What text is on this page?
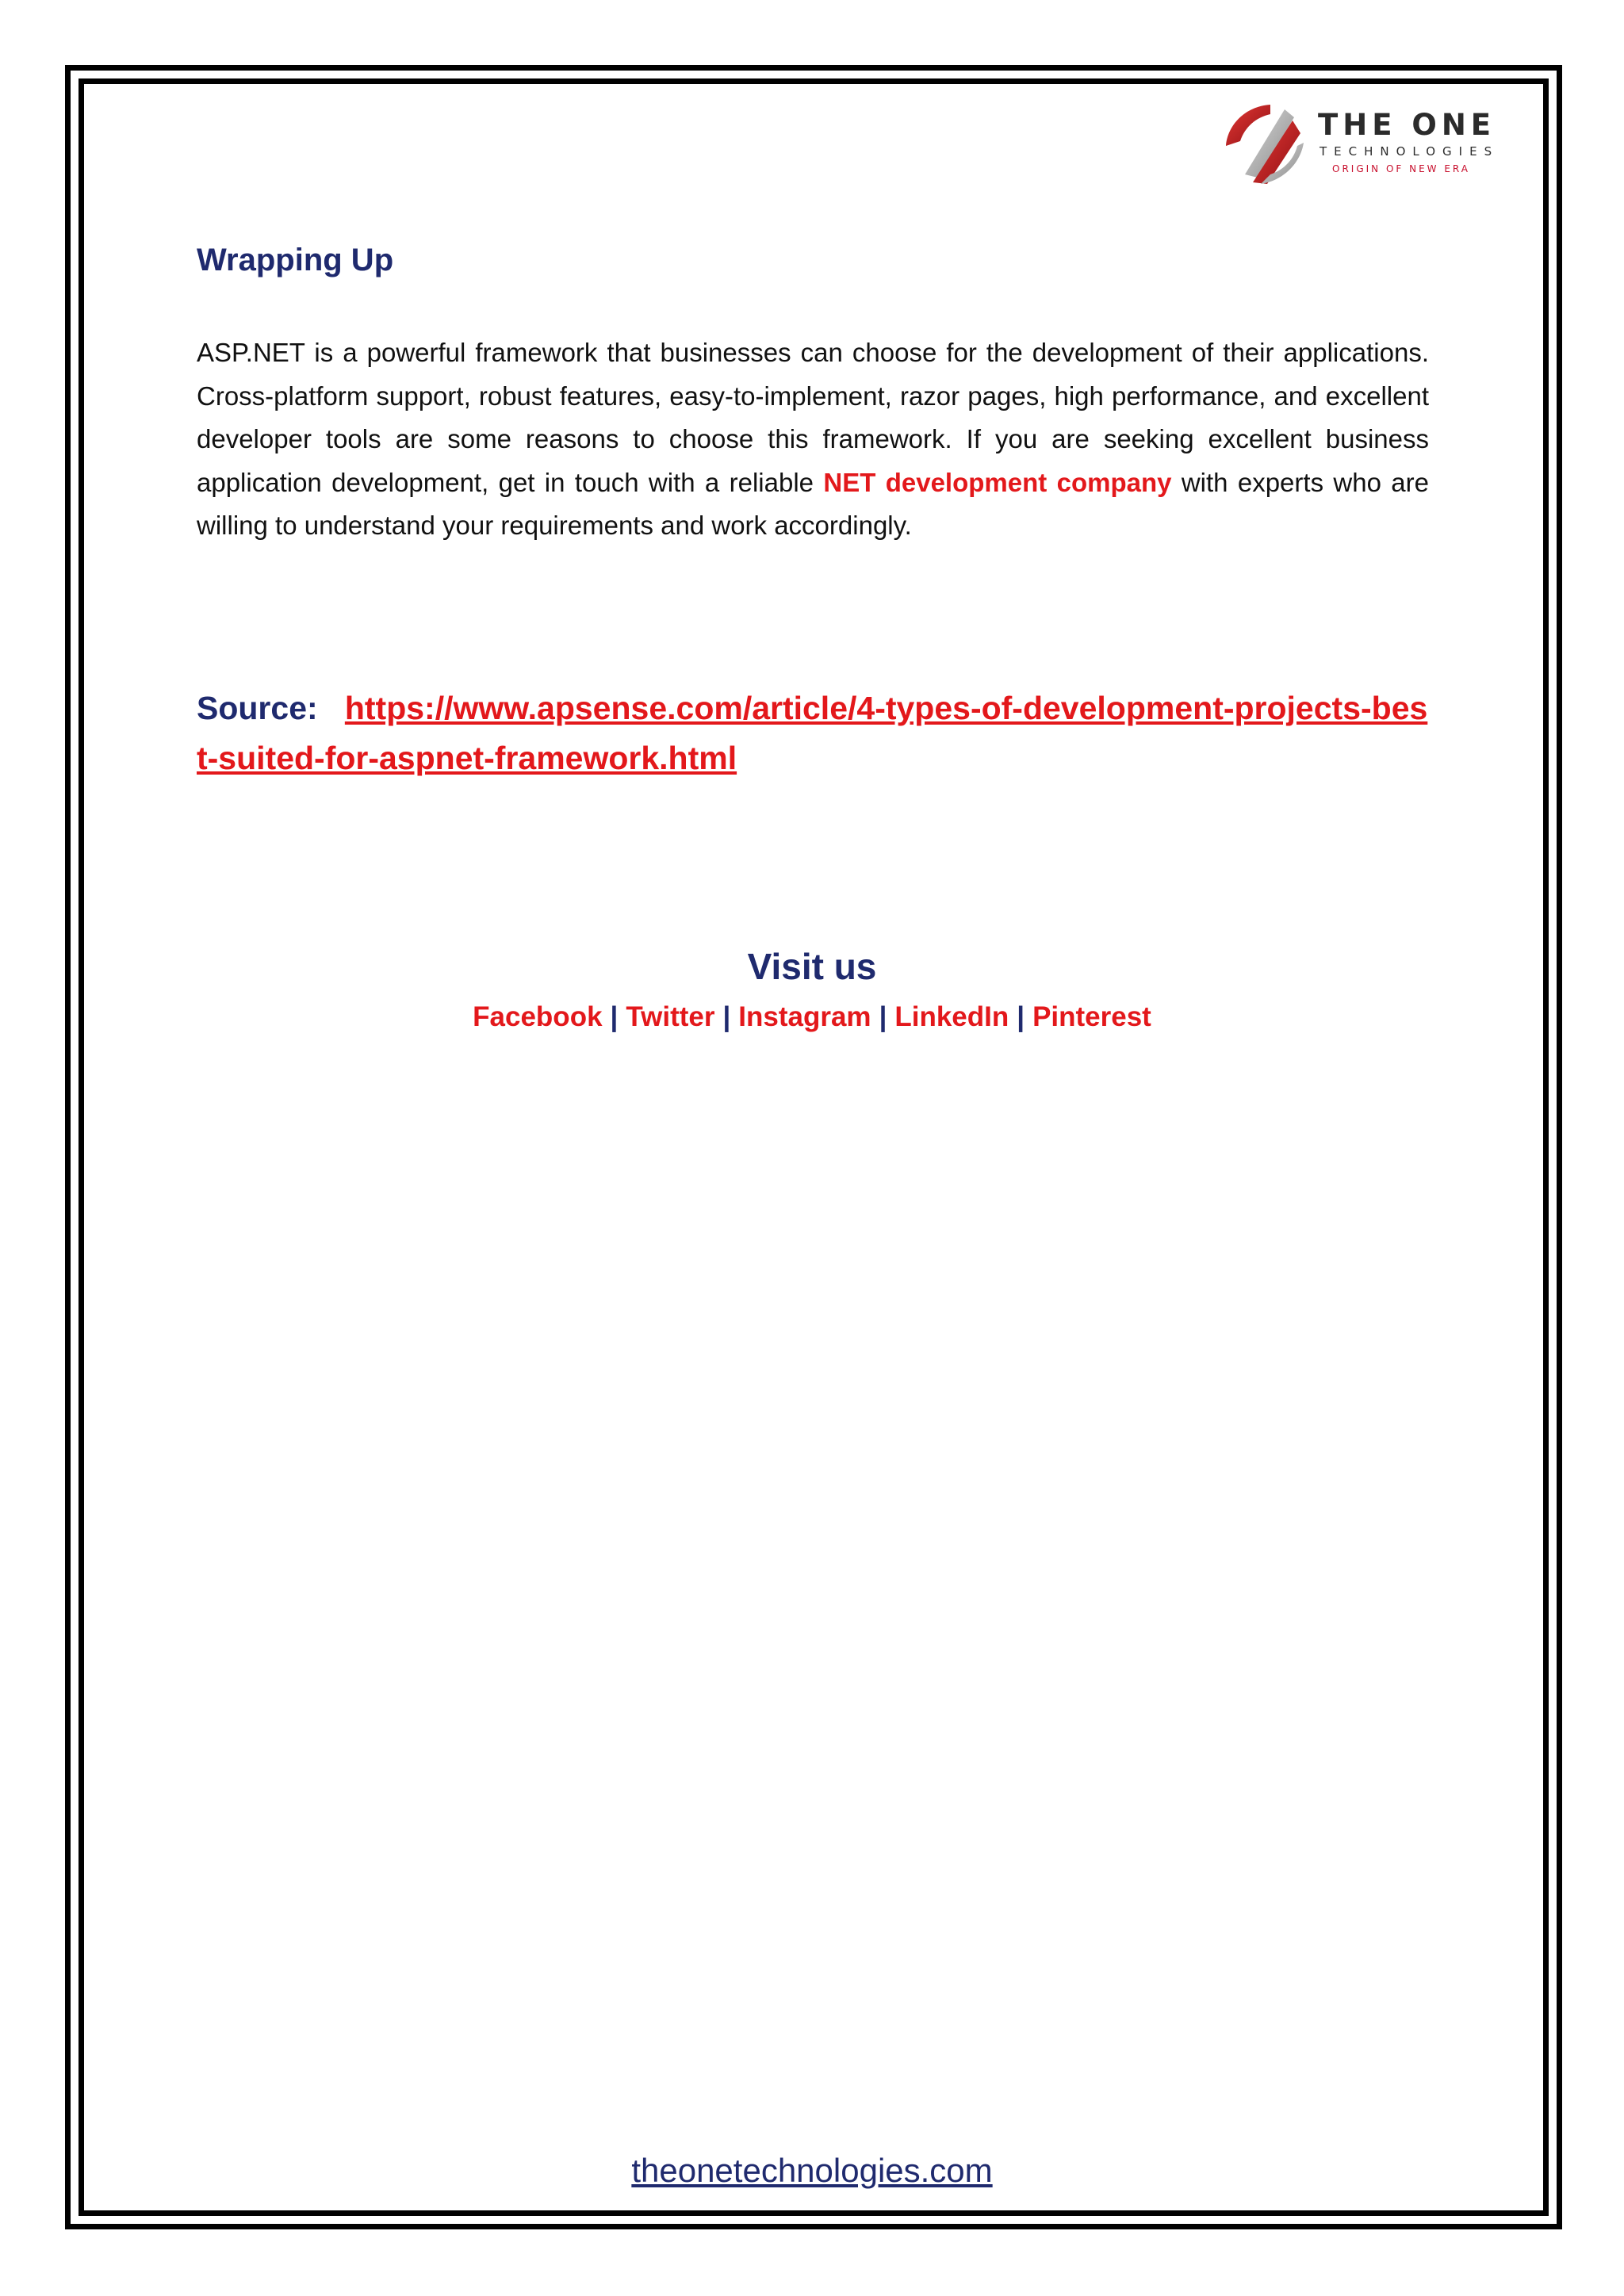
THE ONE
TECHNOLOGIES
ORIGIN OF NEW ERA
Wrapping Up
ASP.NET is a powerful framework that businesses can choose for the development of their applications. Cross-platform support, robust features, easy-to-implement, razor pages, high performance, and excellent developer tools are some reasons to choose this framework. If you are seeking excellent business application development, get in touch with a reliable NET development company with experts who are willing to understand your requirements and work accordingly.
Source: https://www.apsense.com/article/4-types-of-development-projects-best-suited-for-aspnet-framework.html
Visit us
Facebook | Twitter | Instagram | LinkedIn | Pinterest
theonetechnologies.com
